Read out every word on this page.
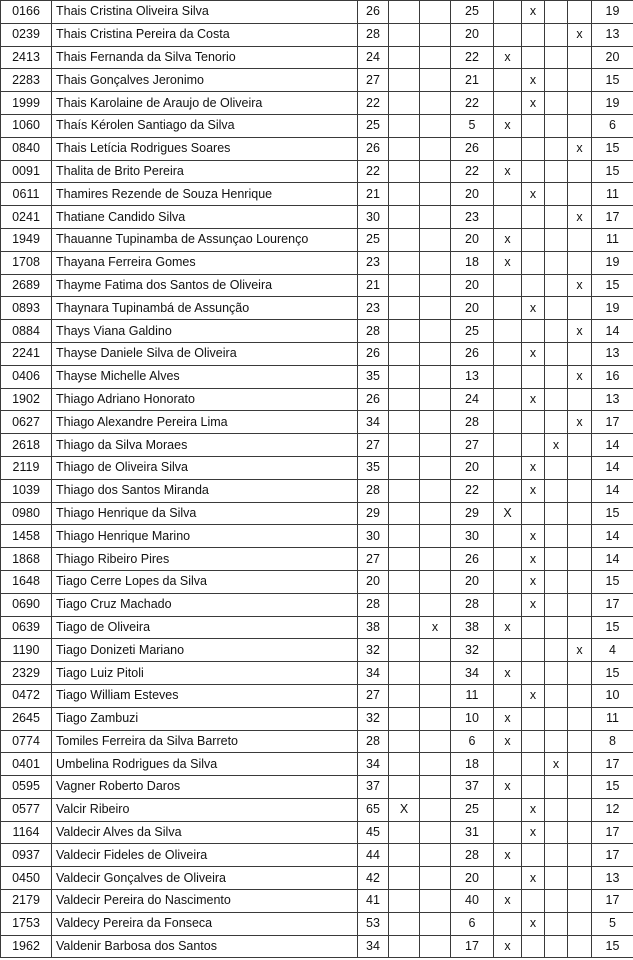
0166	Thais Cristina Oliveira Silva	26			25		x			19
0239	Thais Cristina Pereira da Costa	28			20				x	13
2413	Thais Fernanda da Silva Tenorio	24			22	x				20
2283	Thais Gonçalves Jeronimo	27			21		x			15
1999	Thais Karolaine de Araujo de Oliveira	22			22		x			19
1060	Thaís Kérolen Santiago da Silva	25			5	x				6
0840	Thais Letícia Rodrigues Soares	26			26				x	15
0091	Thalita de Brito Pereira	22			22	x				15
0611	Thamires Rezende de Souza Henrique	21			20		x			11
0241	Thatiane Candido Silva	30			23				x	17
1949	Thauanne Tupinamba de Assunçao Lourenço	25			20	x				11
1708	Thayana Ferreira Gomes	23			18	x				19
2689	Thayme Fatima dos Santos de Oliveira	21			20				x	15
0893	Thaynara Tupinambá de Assunção	23			20		x			19
0884	Thays Viana Galdino	28			25				x	14
2241	Thayse Daniele Silva de Oliveira	26			26		x			13
0406	Thayse Michelle Alves	35			13				x	16
1902	Thiago Adriano Honorato	26			24		x			13
0627	Thiago Alexandre Pereira Lima	34			28				x	17
2618	Thiago da Silva Moraes	27			27			x		14
2119	Thiago de Oliveira Silva	35			20		x			14
1039	Thiago dos Santos Miranda	28			22		x			14
0980	Thiago Henrique da Silva	29			29	X				15
1458	Thiago Henrique Marino	30			30		x			14
1868	Thiago Ribeiro Pires	27			26		x			14
1648	Tiago Cerre Lopes da Silva	20			20		x			15
0690	Tiago Cruz Machado	28			28		x			17
0639	Tiago de Oliveira	38		x	38	x				15
1190	Tiago Donizeti Mariano	32			32				x	4
2329	Tiago Luiz Pitoli	34			34	x				15
0472	Tiago William Esteves	27			11		x			10
2645	Tiago Zambuzi	32			10	x				11
0774	Tomiles Ferreira da Silva Barreto	28			6	x				8
0401	Umbelina Rodrigues da Silva	34			18			x		17
0595	Vagner Roberto Daros	37			37	x				15
0577	Valcir Ribeiro	65	X		25		x			12
1164	Valdecir Alves da Silva	45			31		x			17
0937	Valdecir Fideles de Oliveira	44			28	x				17
0450	Valdecir Gonçalves de Oliveira	42			20		x			13
2179	Valdecir Pereira do Nascimento	41			40	x				17
1753	Valdecy Pereira da Fonseca	53			6		x			5
1962	Valdenir Barbosa dos Santos	34			17	x				15
